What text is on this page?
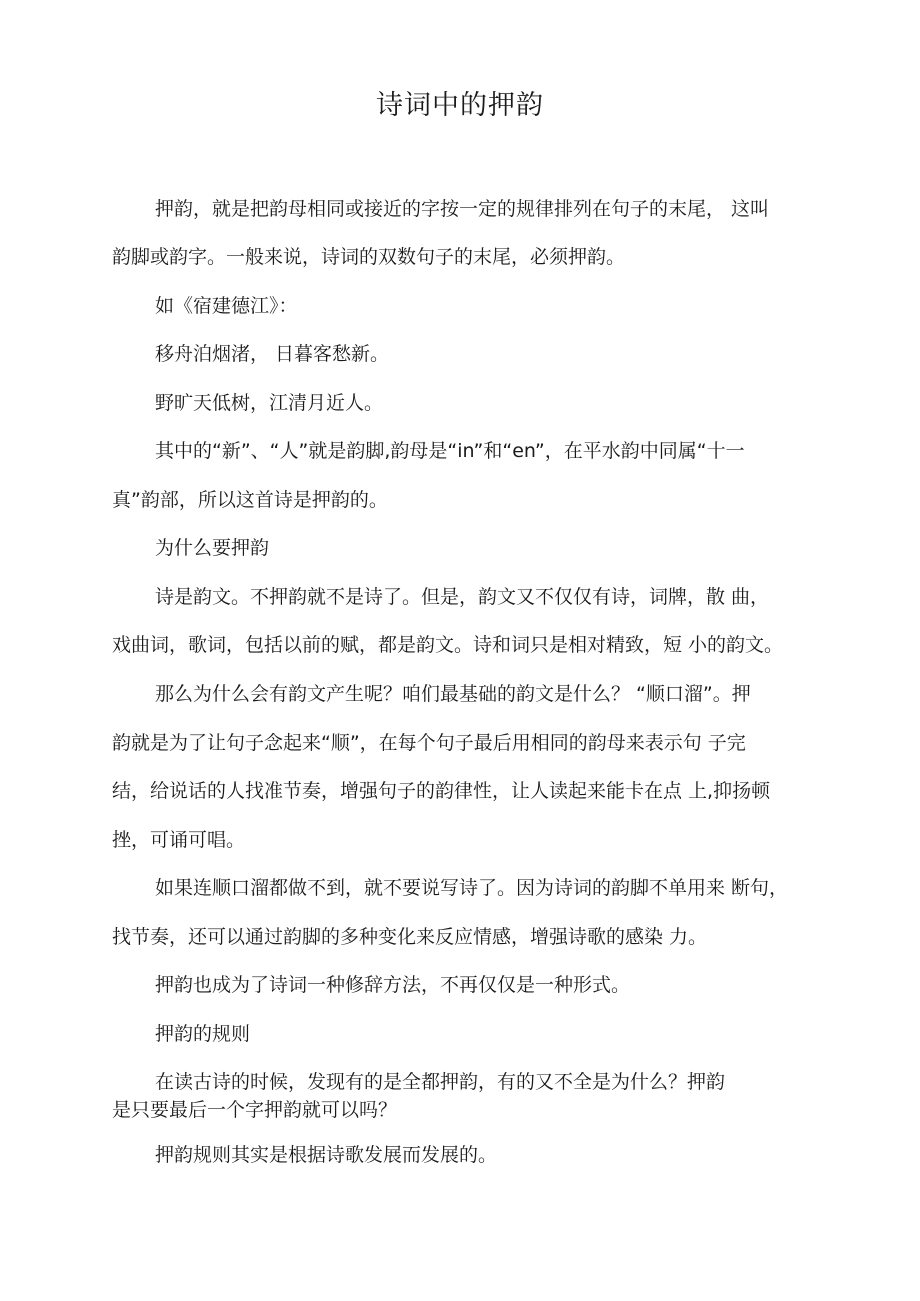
诗词中的押韵
押韵，就是把韵母相同或接近的字按一定的规律排列在句子的末尾， 这叫
韵脚或韵字。一般来说，诗词的双数句子的末尾，必须押韵。
如《宿建德江》：
移舟泊烟渚， 日暮客愁新。
野旷天低树，江清月近人。
其中的“新”、“人”就是韵脚,韵母是“in”和“en”，在平水韵中同属“十一
真”韵部，所以这首诗是押韵的。
为什么要押韵
诗是韵文。不押韵就不是诗了。但是，韵文又不仅仅有诗，词牌，散 曲，
戏曲词，歌词，包括以前的赋，都是韵文。诗和词只是相对精致，短 小的韵文。
那么为什么会有韵文产生呢？咱们最基础的韵文是什么？ “顺口溜”。押
韵就是为了让句子念起来“顺”，在每个句子最后用相同的韵母来表示句 子完
结，给说话的人找准节奏，增强句子的韵律性，让人读起来能卡在点 上,抑扬顿
挫，可诵可唱。
如果连顺口溜都做不到，就不要说写诗了。因为诗词的韵脚不单用来 断句，
找节奏，还可以通过韵脚的多种变化来反应情感，增强诗歌的感染 力。
押韵也成为了诗词一种修辞方法，不再仅仅是一种形式。
押韵的规则
在读古诗的时候，发现有的是全都押韵，有的又不全是为什么？押韵
是只要最后一个字押韵就可以吗？
押韵规则其实是根据诗歌发展而发展的。
